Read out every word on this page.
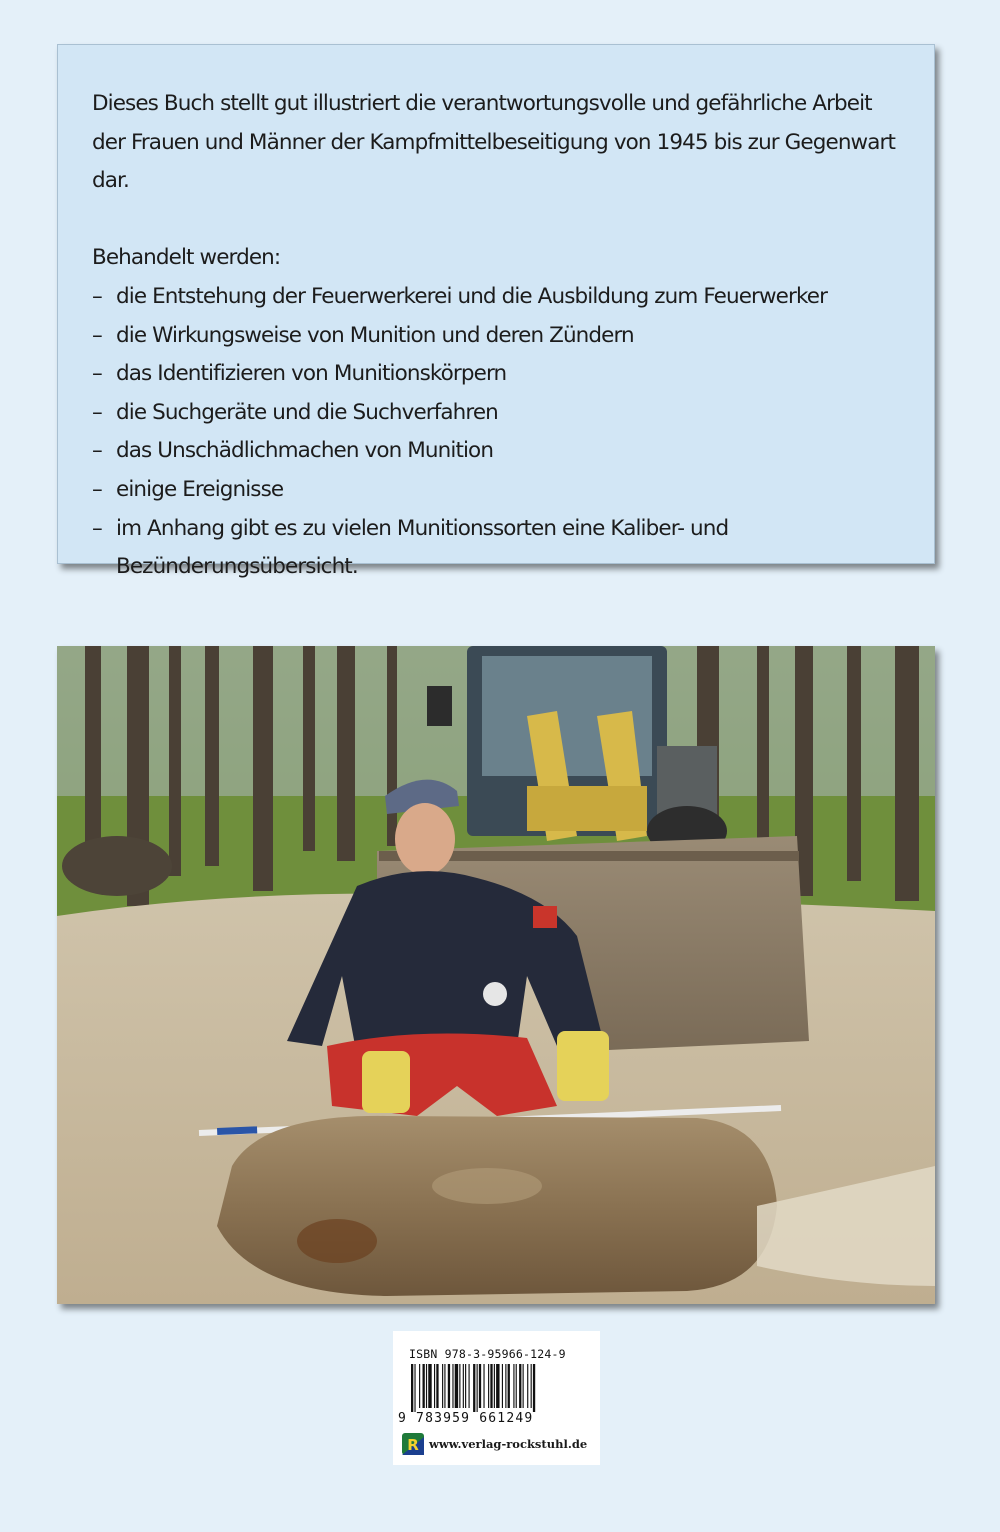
Dieses Buch stellt gut illustriert die verantwortungsvolle und gefährliche Arbeit der Frauen und Männer der Kampfmittelbeseitigung von 1945 bis zur Gegenwart dar.

Behandelt werden:

– die Entstehung der Feuerwerkerei und die Ausbildung zum Feuerwerker
– die Wirkungsweise von Munition und deren Zündern
– das Identifizieren von Munitionskörpern
– die Suchgeräte und die Suchverfahren
– das Unschädlichmachen von Munition
– einige Ereignisse
– im Anhang gibt es zu vielen Munitionssorten eine Kaliber- und Bezünderungsübersicht.
ISBN 978-3-95966-124-9
9 783959 661249
R www.verlag-rockstuhl.de
